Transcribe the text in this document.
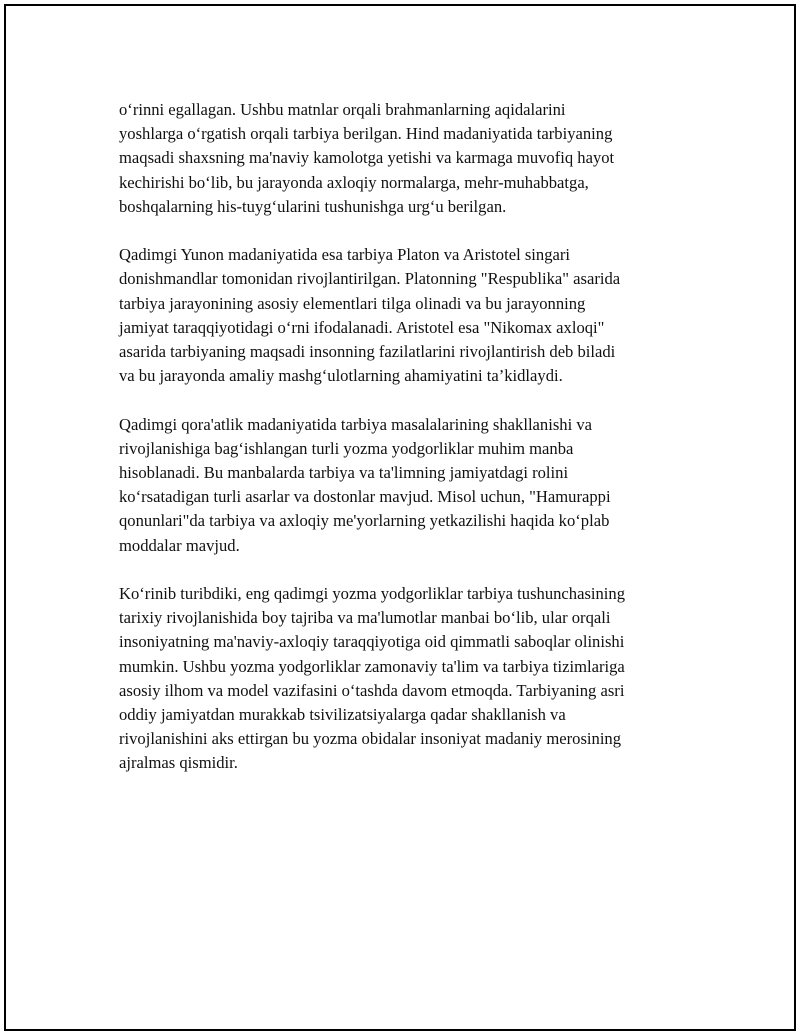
o‘rinni egallagan. Ushbu matnlar orqali brahmanlarning aqidalarini
yoshlarga o‘rgatish orqali tarbiya berilgan. Hind madaniyatida tarbiyaning
maqsadi shaxsning ma'naviy kamolotga yetishi va karmaga muvofiq hayot
kechirishi bo‘lib, bu jarayonda axloqiy normalarga, mehr-muhabbatga,
boshqalarning his-tuyg‘ularini tushunishga urg‘u berilgan.

Qadimgi Yunon madaniyatida esa tarbiya Platon va Aristotel singari
donishmandlar tomonidan rivojlantirilgan. Platonning "Respublika" asarida
tarbiya jarayonining asosiy elementlari tilga olinadi va bu jarayonning
jamiyat taraqqiyotidagi o‘rni ifodalanadi. Aristotel esa "Nikomax axloqi"
asarida tarbiyaning maqsadi insonning fazilatlarini rivojlantirish deb biladi
va bu jarayonda amaliy mashg‘ulotlarning ahamiyatini ta’kidlaydi.

Qadimgi qora'atlik madaniyatida tarbiya masalalarining shakllanishi va
rivojlanishiga bag‘ishlangan turli yozma yodgorliklar muhim manba
hisoblanadi. Bu manbalarda tarbiya va ta'limning jamiyatdagi rolini
ko‘rsatadigan turli asarlar va dostonlar mavjud. Misol uchun, "Hamurappi
qonunlari"da tarbiya va axloqiy me'yorlarning yetkazilishi haqida ko‘plab
moddalar mavjud.

Ko‘rinib turibdiki, eng qadimgi yozma yodgorliklar tarbiya tushunchasining
tarixiy rivojlanishida boy tajriba va ma'lumotlar manbai bo‘lib, ular orqali
insoniyatning ma'naviy-axloqiy taraqqiyotiga oid qimmatli saboqlar olinishi
mumkin. Ushbu yozma yodgorliklar zamonaviy ta'lim va tarbiya tizimlariga
asosiy ilhom va model vazifasini o‘tashda davom etmoqda. Tarbiyaning asri
oddiy jamiyatdan murakkab tsivilizatsiyalarga qadar shakllanish va
rivojlanishini aks ettirgan bu yozma obidalar insoniyat madaniy merosining
ajralmas qismidir.
